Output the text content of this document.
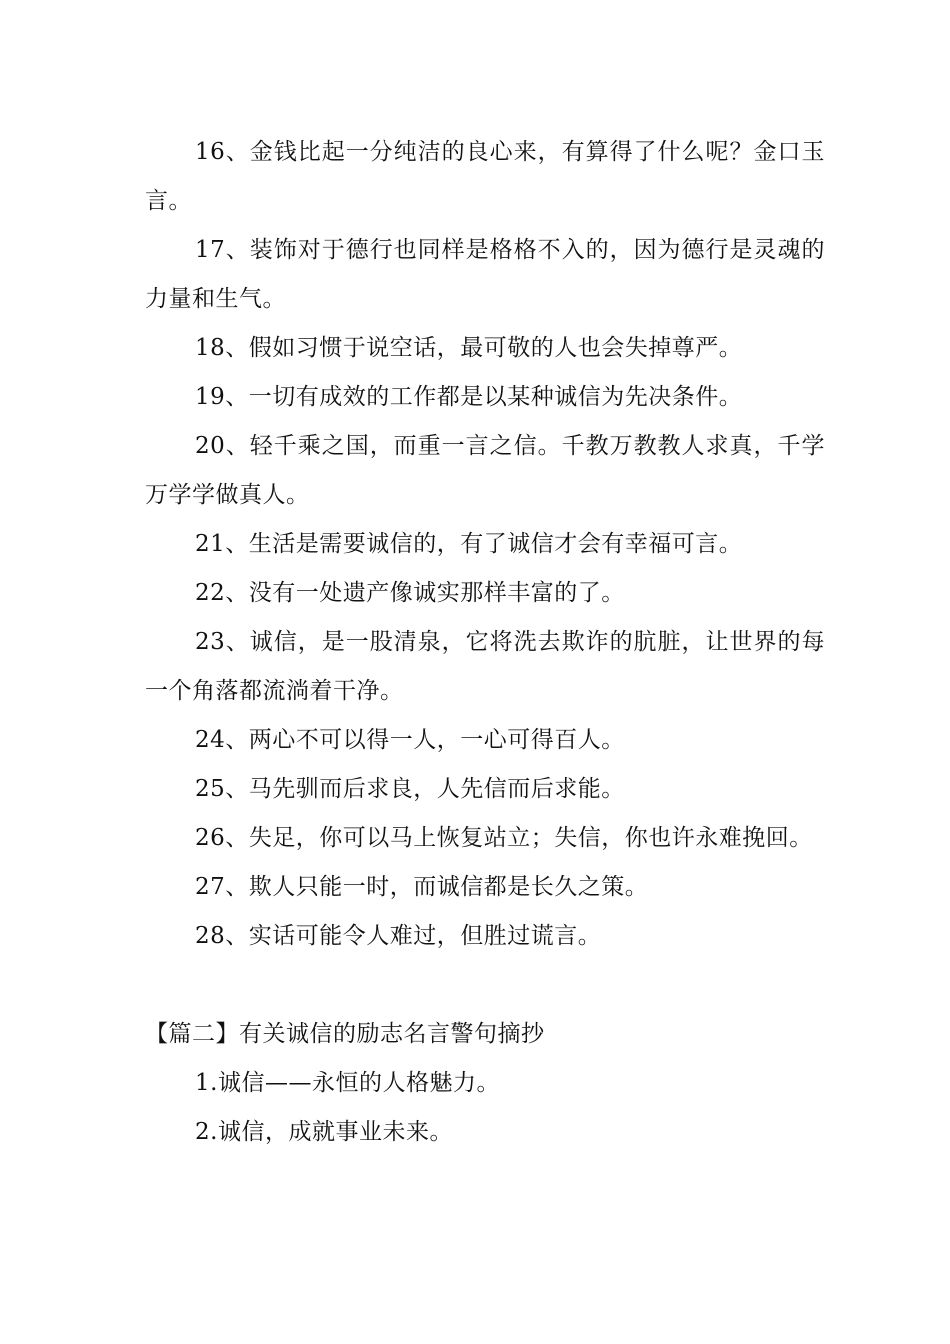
16、金钱比起一分纯洁的良心来，有算得了什么呢？金口玉言。

17、装饰对于德行也同样是格格不入的，因为德行是灵魂的力量和生气。

18、假如习惯于说空话，最可敬的人也会失掉尊严。

19、一切有成效的工作都是以某种诚信为先决条件。

20、轻千乘之国，而重一言之信。千教万教教人求真，千学万学学做真人。

21、生活是需要诚信的，有了诚信才会有幸福可言。

22、没有一处遗产像诚实那样丰富的了。

23、诚信，是一股清泉，它将洗去欺诈的肮脏，让世界的每一个角落都流淌着干净。

24、两心不可以得一人，一心可得百人。

25、马先驯而后求良，人先信而后求能。

26、失足，你可以马上恢复站立；失信，你也许永难挽回。

27、欺人只能一时，而诚信都是长久之策。

28、实话可能令人难过，但胜过谎言。

【篇二】有关诚信的励志名言警句摘抄

1.诚信——永恒的人格魅力。

2.诚信，成就事业未来。
